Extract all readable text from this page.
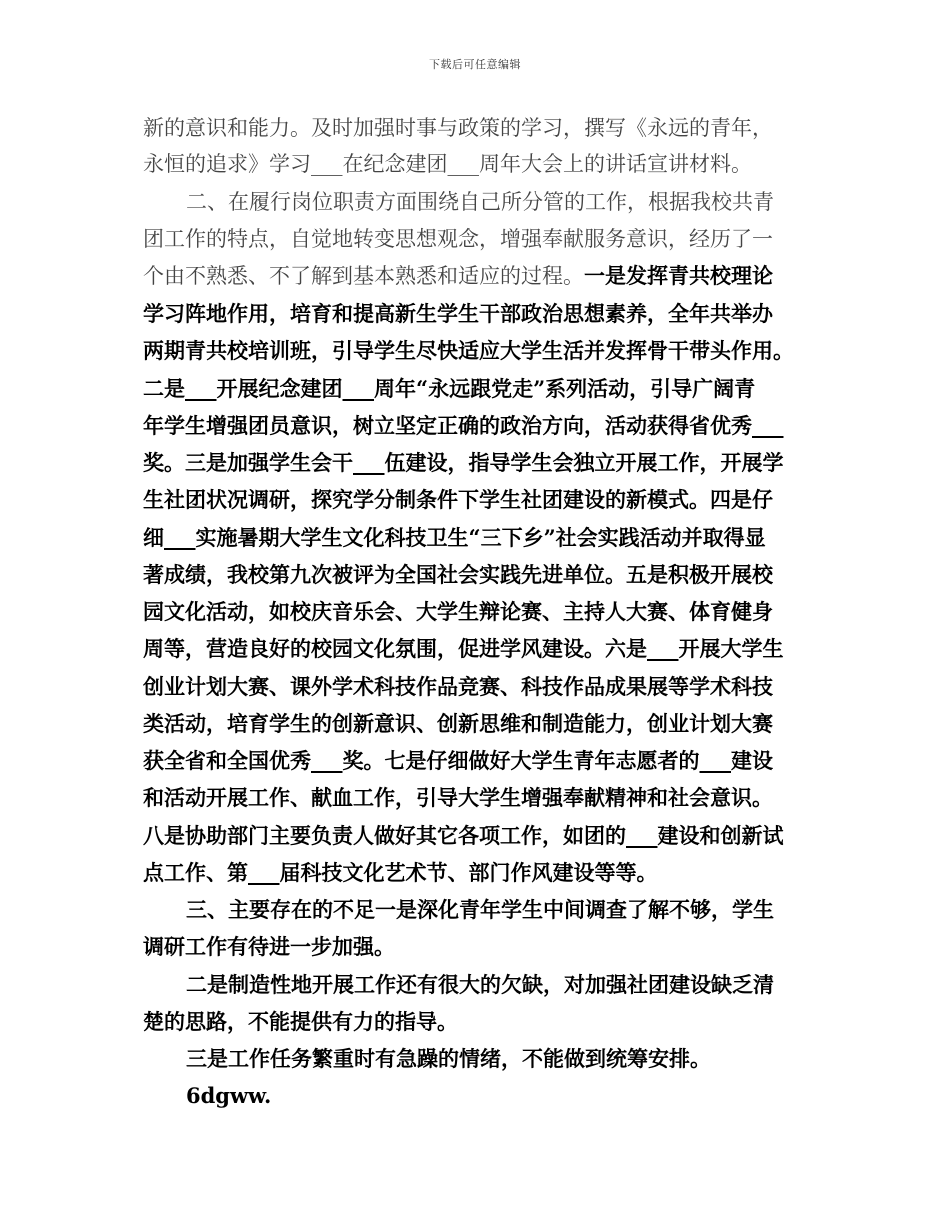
下载后可任意编辑
新的意识和能力。及时加强时事与政策的学习，撰写《永远的青年，
永恒的追求》学习___在纪念建团___周年大会上的讲话宣讲材料。
二、在履行岗位职责方面围绕自己所分管的工作，根据我校共青
团工作的特点，自觉地转变思想观念，增强奉献服务意识，经历了一
个由不熟悉、不了解到基本熟悉和适应的过程。一是发挥青共校理论
学习阵地作用，培育和提高新生学生干部政治思想素养，全年共举办
两期青共校培训班，引导学生尽快适应大学生活并发挥骨干带头作用。
二是___开展纪念建团___周年“永远跟党走”系列活动，引导广阔青
年学生增强团员意识，树立坚定正确的政治方向，活动获得省优秀___
奖。三是加强学生会干___伍建设，指导学生会独立开展工作，开展学
生社团状况调研，探究学分制条件下学生社团建设的新模式。四是仔
细___实施暑期大学生文化科技卫生“三下乡”社会实践活动并取得显
著成绩，我校第九次被评为全国社会实践先进单位。五是积极开展校
园文化活动，如校庆音乐会、大学生辩论赛、主持人大赛、体育健身
周等，营造良好的校园文化氛围，促进学风建设。六是___开展大学生
创业计划大赛、课外学术科技作品竞赛、科技作品成果展等学术科技
类活动，培育学生的创新意识、创新思维和制造能力，创业计划大赛
获全省和全国优秀___奖。七是仔细做好大学生青年志愿者的___建设
和活动开展工作、献血工作，引导大学生增强奉献精神和社会意识。
八是协助部门主要负责人做好其它各项工作，如团的___建设和创新试
点工作、第___届科技文化艺术节、部门作风建设等等。
三、主要存在的不足一是深化青年学生中间调查了解不够，学生
调研工作有待进一步加强。
二是制造性地开展工作还有很大的欠缺，对加强社团建设缺乏清
楚的思路，不能提供有力的指导。
三是工作任务繁重时有急躁的情绪，不能做到统筹安排。
6dgww.
